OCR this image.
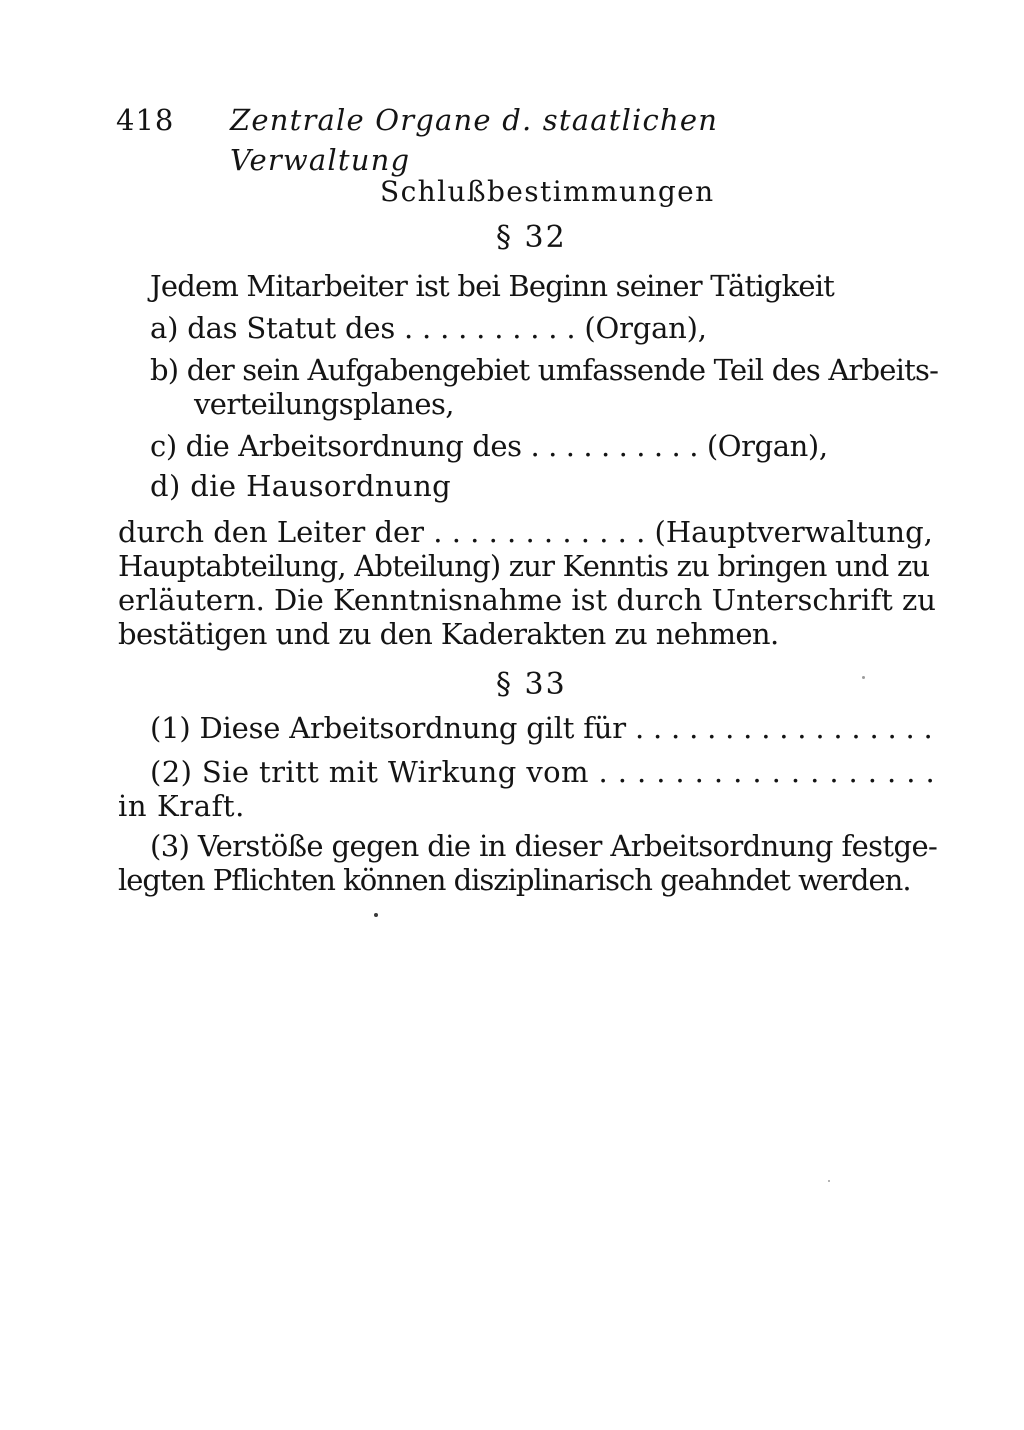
418 Zentrale Organe d. staatlichen Verwaltung
Schlußbestimmungen
§ 32
Jedem Mitarbeiter ist bei Beginn seiner Tätigkeit
a) das Statut des . . . . . . . . . . (Organ),
b) der sein Aufgabengebiet umfassende Teil des Arbeits-
verteilungsplanes,
c) die Arbeitsordnung des . . . . . . . . . . (Organ),
d) die Hausordnung
durch den Leiter der . . . . . . . . . . . . (Hauptverwaltung,
Hauptabteilung, Abteilung) zur Kenntis zu bringen und zu
erläutern. Die Kenntnisnahme ist durch Unterschrift zu
bestätigen und zu den Kaderakten zu nehmen.
§ 33
(1) Diese Arbeitsordnung gilt für . . . . . . . . . . . . . . . . .
(2) Sie tritt mit Wirkung vom . . . . . . . . . . . . . . . . . .
in Kraft.
(3) Verstöße gegen die in dieser Arbeitsordnung festge-
legten Pflichten können disziplinarisch geahndet werden.
